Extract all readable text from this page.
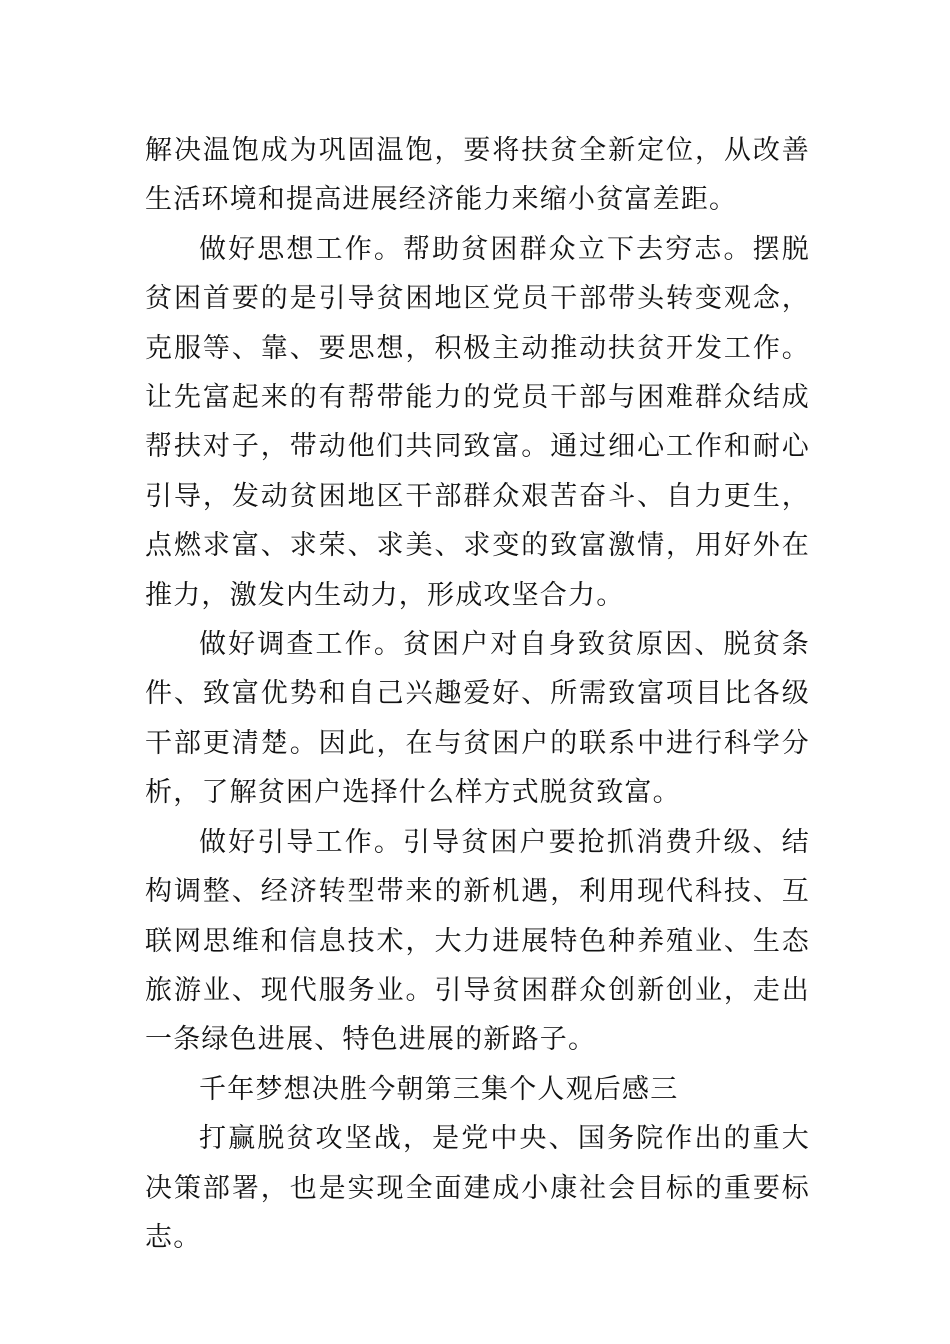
解决温饱成为巩固温饱，要将扶贫全新定位，从改善生活环境和提高进展经济能力来缩小贫富差距。

做好思想工作。帮助贫困群众立下去穷志。摆脱贫困首要的是引导贫困地区党员干部带头转变观念，克服等、靠、要思想，积极主动推动扶贫开发工作。让先富起来的有帮带能力的党员干部与困难群众结成帮扶对子，带动他们共同致富。通过细心工作和耐心引导，发动贫困地区干部群众艰苦奋斗、自力更生，点燃求富、求荣、求美、求变的致富激情，用好外在推力，激发内生动力，形成攻坚合力。

做好调查工作。贫困户对自身致贫原因、脱贫条件、致富优势和自己兴趣爱好、所需致富项目比各级干部更清楚。因此，在与贫困户的联系中进行科学分析，了解贫困户选择什么样方式脱贫致富。

做好引导工作。引导贫困户要抢抓消费升级、结构调整、经济转型带来的新机遇，利用现代科技、互联网思维和信息技术，大力进展特色种养殖业、生态旅游业、现代服务业。引导贫困群众创新创业，走出一条绿色进展、特色进展的新路子。

千年梦想决胜今朝第三集个人观后感三

打赢脱贫攻坚战，是党中央、国务院作出的重大决策部署，也是实现全面建成小康社会目标的重要标志。
